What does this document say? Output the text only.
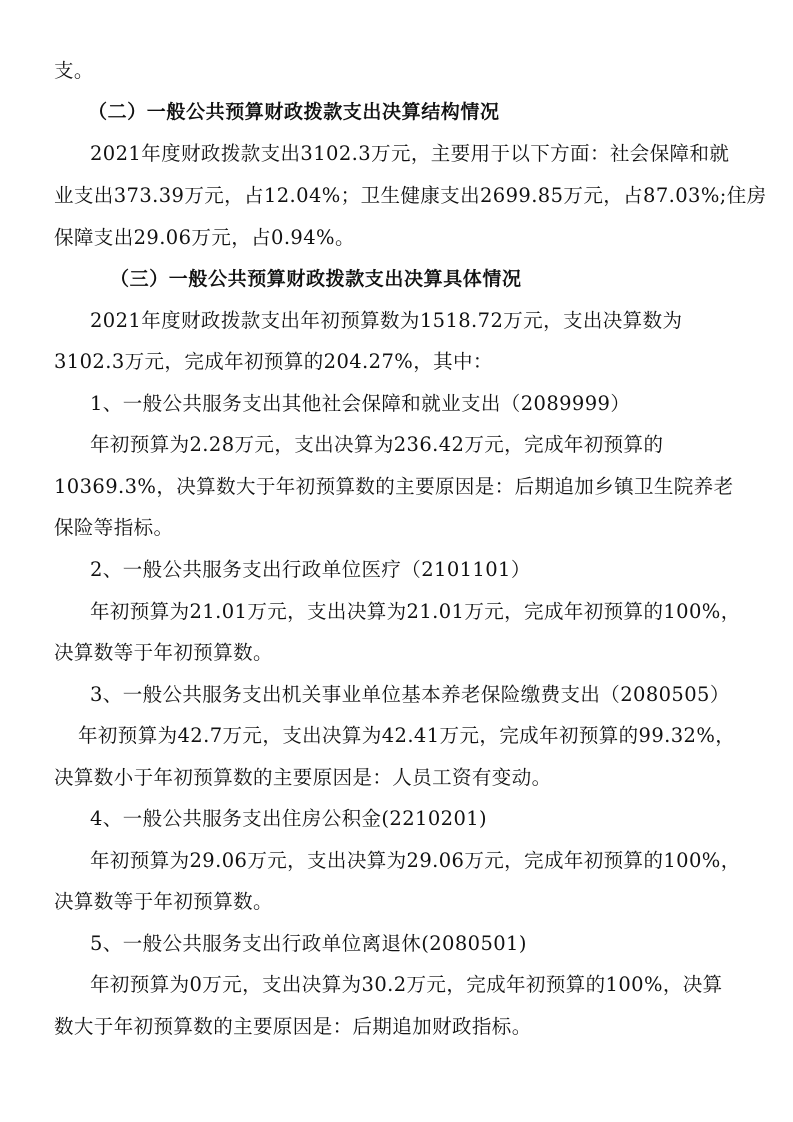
支。
（二）一般公共预算财政拨款支出决算结构情况
2021年度财政拨款支出3102.3万元，主要用于以下方面：社会保障和就
业支出373.39万元，占12.04%；卫生健康支出2699.85万元，占87.03%;住房
保障支出29.06万元，占0.94%。
（三）一般公共预算财政拨款支出决算具体情况
2021年度财政拨款支出年初预算数为1518.72万元，支出决算数为
3102.3万元，完成年初预算的204.27%，其中：
1、一般公共服务支出其他社会保障和就业支出（2089999）
年初预算为2.28万元，支出决算为236.42万元，完成年初预算的
10369.3%，决算数大于年初预算数的主要原因是：后期追加乡镇卫生院养老
保险等指标。
2、一般公共服务支出行政单位医疗（2101101）
年初预算为21.01万元，支出决算为21.01万元，完成年初预算的100%，
决算数等于年初预算数。
3、一般公共服务支出机关事业单位基本养老保险缴费支出（2080505）
年初预算为42.7万元，支出决算为42.41万元，完成年初预算的99.32%，
决算数小于年初预算数的主要原因是：人员工资有变动。
4、一般公共服务支出住房公积金(2210201)
年初预算为29.06万元，支出决算为29.06万元，完成年初预算的100%，
决算数等于年初预算数。
5、一般公共服务支出行政单位离退休(2080501)
年初预算为0万元，支出决算为30.2万元，完成年初预算的100%，决算
数大于年初预算数的主要原因是：后期追加财政指标。
